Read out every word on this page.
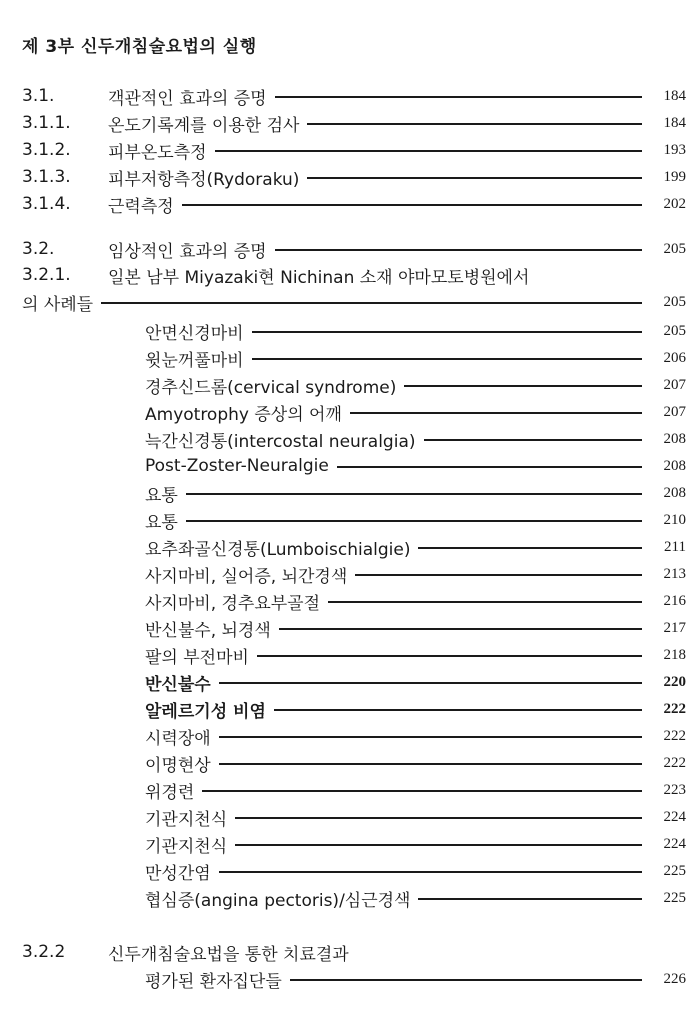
제 3부 신두개침술요법의 실행
3.1.	객관적인 효과의 증명	184
3.1.1.	온도기록계를 이용한 검사	184
3.1.2.	피부온도측정	193
3.1.3.	피부저항측정(Rydoraku)	199
3.1.4.	근력측정	202
3.2.	임상적인 효과의 증명	205
3.2.1.	일본 남부 Miyazaki현 Nichinan 소재 야마모토병원에서
의 사례들	205
안면신경마비	205
윗눈꺼풀마비	206
경추신드롬(cervical syndrome)	207
Amyotrophy 증상의 어깨	207
늑간신경통(intercostal neuralgia)	208
Post-Zoster-Neuralgie	208
요통	208
요통	210
요추좌골신경통(Lumboischialgie)	211
사지마비, 실어증, 뇌간경색	213
사지마비, 경추요부골절	216
반신불수, 뇌경색	217
팔의 부전마비	218
반신불수	220
알레르기성 비염	222
시력장애	222
이명현상	222
위경련	223
기관지천식	224
기관지천식	224
만성간염	225
협심증(angina pectoris)/심근경색	225
3.2.2	신두개침술요법을 통한 치료결과
평가된 환자집단들	226
